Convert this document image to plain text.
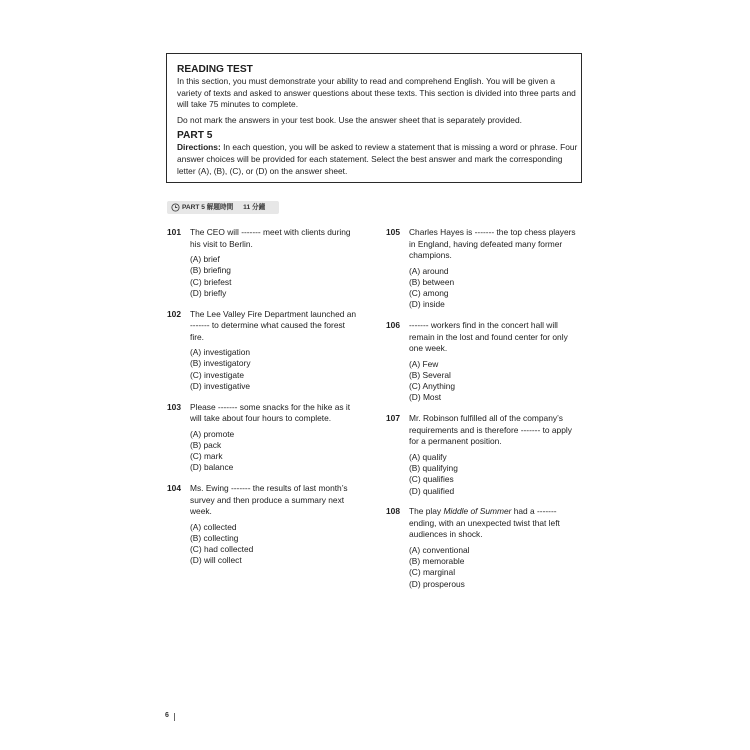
READING TEST

In this section, you must demonstrate your ability to read and comprehend English. You will be given a variety of texts and asked to answer questions about these texts. This section is divided into three parts and will take 75 minutes to complete.

Do not mark the answers in your test book. Use the answer sheet that is separately provided.

PART 5

Directions: In each question, you will be asked to review a statement that is missing a word or phrase. Four answer choices will be provided for each statement. Select the best answer and mark the corresponding letter (A), (B), (C), or (D) on the answer sheet.

PART 5 解題時間 11 分鐘
101	The CEO will ------- meet with clients during his visit to Berlin.
(A) brief
(B) briefing
(C) briefest
(D) briefly
102	The Lee Valley Fire Department launched an ------- to determine what caused the forest fire.
(A) investigation
(B) investigatory
(C) investigate
(D) investigative
103	Please ------- some snacks for the hike as it will take about four hours to complete.
(A) promote
(B) pack
(C) mark
(D) balance
104	Ms. Ewing ------- the results of last month’s survey and then produce a summary next week.
(A) collected
(B) collecting
(C) had collected
(D) will collect
105	Charles Hayes is ------- the top chess players in England, having defeated many former champions.
(A) around
(B) between
(C) among
(D) inside
106	------- workers find in the concert hall will remain in the lost and found center for only one week.
(A) Few
(B) Several
(C) Anything
(D) Most
107	Mr. Robinson fulfilled all of the company’s requirements and is therefore ------- to apply for a permanent position.
(A) qualify
(B) qualifying
(C) qualifies
(D) qualified
108	The play Middle of Summer had a ------- ending, with an unexpected twist that left audiences in shock.
(A) conventional
(B) memorable
(C) marginal
(D) prosperous
6
